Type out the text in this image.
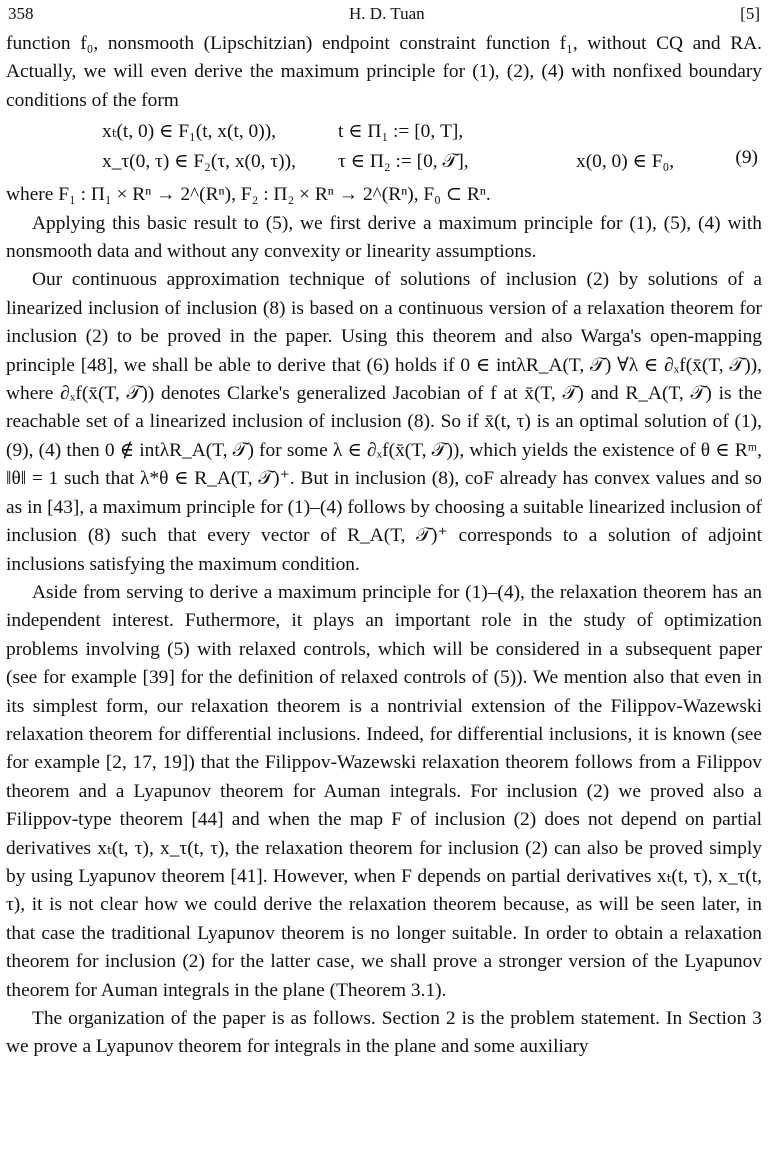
358	H. D. Tuan	[5]

function f₀, nonsmooth (Lipschitzian) endpoint constraint function f₁, without CQ and RA. Actually, we will even derive the maximum principle for (1), (2), (4) with nonfixed boundary conditions of the form

xₜ(t, 0) ∈ F₁(t, x(t, 0)),	t ∈ Π₁ := [0, T],
x_τ(0, τ) ∈ F₂(τ, x(0, τ)),	τ ∈ Π₂ := [0, 𝒯],	x(0, 0) ∈ F₀,	(9)

where F₁ : Π₁ × Rⁿ → 2^(Rⁿ), F₂ : Π₂ × Rⁿ → 2^(Rⁿ), F₀ ⊂ Rⁿ.

Applying this basic result to (5), we first derive a maximum principle for (1), (5), (4) with nonsmooth data and without any convexity or linearity assumptions.

Our continuous approximation technique of solutions of inclusion (2) by solutions of a linearized inclusion of inclusion (8) is based on a continuous version of a relaxation theorem for inclusion (2) to be proved in the paper. Using this theorem and also Warga's open-mapping principle [48], we shall be able to derive that (6) holds if 0 ∈ intλR_A(T, 𝒯) ∀λ ∈ ∂ₓf(x̄(T, 𝒯)), where ∂ₓf(x̄(T, 𝒯)) denotes Clarke's generalized Jacobian of f at x̄(T, 𝒯) and R_A(T, 𝒯) is the reachable set of a linearized inclusion of inclusion (8). So if x̄(t, τ) is an optimal solution of (1), (9), (4) then 0 ∉ intλR_A(T, 𝒯) for some λ ∈ ∂ₓf(x̄(T, 𝒯)), which yields the existence of θ ∈ Rᵐ, ‖θ‖ = 1 such that λ*θ ∈ R_A(T, 𝒯)⁺. But in inclusion (8), coF already has convex values and so as in [43], a maximum principle for (1)–(4) follows by choosing a suitable linearized inclusion of inclusion (8) such that every vector of R_A(T, 𝒯)⁺ corresponds to a solution of adjoint inclusions satisfying the maximum condition.

Aside from serving to derive a maximum principle for (1)–(4), the relaxation theorem has an independent interest. Futhermore, it plays an important role in the study of optimization problems involving (5) with relaxed controls, which will be considered in a subsequent paper (see for example [39] for the definition of relaxed controls of (5)). We mention also that even in its simplest form, our relaxation theorem is a nontrivial extension of the Filippov-Wazewski relaxation theorem for differential inclusions. Indeed, for differential inclusions, it is known (see for example [2, 17, 19]) that the Filippov-Wazewski relaxation theorem follows from a Filippov theorem and a Lyapunov theorem for Auman integrals. For inclusion (2) we proved also a Filippov-type theorem [44] and when the map F of inclusion (2) does not depend on partial derivatives xₜ(t, τ), x_τ(t, τ), the relaxation theorem for inclusion (2) can also be proved simply by using Lyapunov theorem [41]. However, when F depends on partial derivatives xₜ(t, τ), x_τ(t, τ), it is not clear how we could derive the relaxation theorem because, as will be seen later, in that case the traditional Lyapunov theorem is no longer suitable. In order to obtain a relaxation theorem for inclusion (2) for the latter case, we shall prove a stronger version of the Lyapunov theorem for Auman integrals in the plane (Theorem 3.1).

The organization of the paper is as follows. Section 2 is the problem statement. In Section 3 we prove a Lyapunov theorem for integrals in the plane and some auxiliary
